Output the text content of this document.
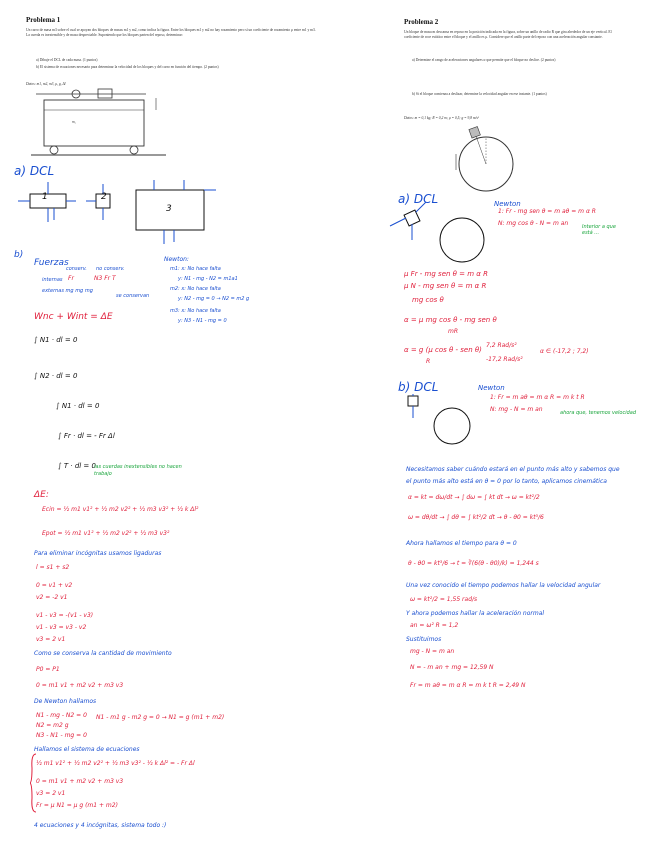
Problema 1
Un carro de masa m3 sobre el cual se apoyan dos bloques de masas m1 y m2, como indica la figura. Entre los bloques m1 y m2 no hay rozamiento pero sí un coeficiente de rozamiento μ entre m1 y m3. La cuerda es inextensible y de masa despreciable. Suponiendo que los bloques parten del reposo, determinar:
a) Dibuje el DCL de cada masa. (1 puntos)
b) El sistema de ecuaciones necesario para determinar la velocidad de los bloques y del carro en función del tiempo. (2 puntos)
Datos: m1, m2, m3, μ, g, Δl
m₃
Problema 2
Un bloque de masa m descansa en reposo en la posición indicada en la figura, sobre un anillo de radio R que gira alrededor de un eje vertical. El coeficiente de roce estático entre el bloque y el anillo es μ. Considere que el anillo parte del reposo con una aceleración angular constante.
a) Determine el rango de aceleraciones angulares α que permite que el bloque no deslice. (2 puntos)
b) Si el bloque comienza a deslizar, determine la velocidad angular en ese instante. (1 puntos)
Datos: m = 0,1 kg; R = 0,2 m; μ = 0,5; g = 9,8 m/s²
a) DCL
1	2
3
b)
Fuerzas
conserv. no conserv.
internas Fr	N3 Fr T
externas mg mg mg
se conservan
Newton:
m1: x: No hace falta
y: N1 - mg - N2 = m1a1
m2: x: No hace falta
y: N2 - mg = 0 → N2 = m2 g
m3: x: No hace falta
y: N3 - N1 - mg = 0
Wnc + Wint = ΔE
∫ N1 · dl = 0
∫ N2 · dl = 0
∫ N1 · dl = 0
∫ Fr · dl = - Fr Δl
∫ T · dl = 0
las cuerdas inextensibles no hacen trabajo
ΔE:
Ecin = ½ m1 v1² + ½ m2 v2² + ½ m3 v3² + ½ k Δl²
Epot = ½ m1 v1² + ½ m2 v2² + ½ m3 v3²
Para eliminar incógnitas usamos ligaduras
l = s1 + s2
0 = v1 + v2
v2 = -2 v1
v1 - v3 = -(v1 - v3)
v1 - v3 = v3 - v2
v3 = 2 v1
Como se conserva la cantidad de movimiento
P0 = P1
0 = m1 v1 + m2 v2 + m3 v3
De Newton hallamos
N1 - mg - N2 = 0
N2 = m2 g
N3 - N1 - mg = 0
N1 - m1 g - m2 g = 0 → N1 = g (m1 + m2)
Hallamos el sistema de ecuaciones
½ m1 v1² + ½ m2 v2² + ½ m3 v3² - ½ k Δl² = - Fr Δl
0 = m1 v1 + m2 v2 + m3 v3
v3 = 2 v1
Fr = μ N1 = μ g (m1 + m2)
4 ecuaciones y 4 incógnitas, sistema todo :)
a) DCL	Newton
1: Fr - mg sen θ = m aθ = m α R
N: mg cos θ - N = m an	Interior a que está ...
μ Fr - mg sen θ = m α R
μ N - mg sen θ = m α R
mg cos θ
α = μ mg cos θ - mg sen θ
mR
α = g (μ cos θ - sen θ)
R
7,2 Rad/s²
-17,2 Rad/s²
α ∈ (-17,2 ; 7,2)
b) DCL	Newton
1: Fr = m aθ = m α R = m k t R
N: mg - N = m an	ahora que, tenemos velocidad
Necesitamos saber cuándo estará en el punto más alto y sabemos que
el punto más alto está en θ = 0 por lo tanto, aplicamos cinemática
α = kt = dω/dt → ∫ dω = ∫ kt dt → ω = kt²/2
ω = dθ/dt → ∫ dθ = ∫ kt²/2 dt → θ - θ0 = kt³/6
Ahora hallamos el tiempo para θ = 0
θ - θ0 = kt³/6 → t = ∛(6(θ - θ0)/k) = 1,244 s
Una vez conocido el tiempo podemos hallar la velocidad angular
ω = kt²/2 = 1,55 rad/s
Y ahora podemos hallar la aceleración normal
an = ω² R = 1,2
Sustituimos
mg - N = m an
N = - m an + mg = 12,59 N
Fr = m aθ = m α R = m k t R = 2,49 N
